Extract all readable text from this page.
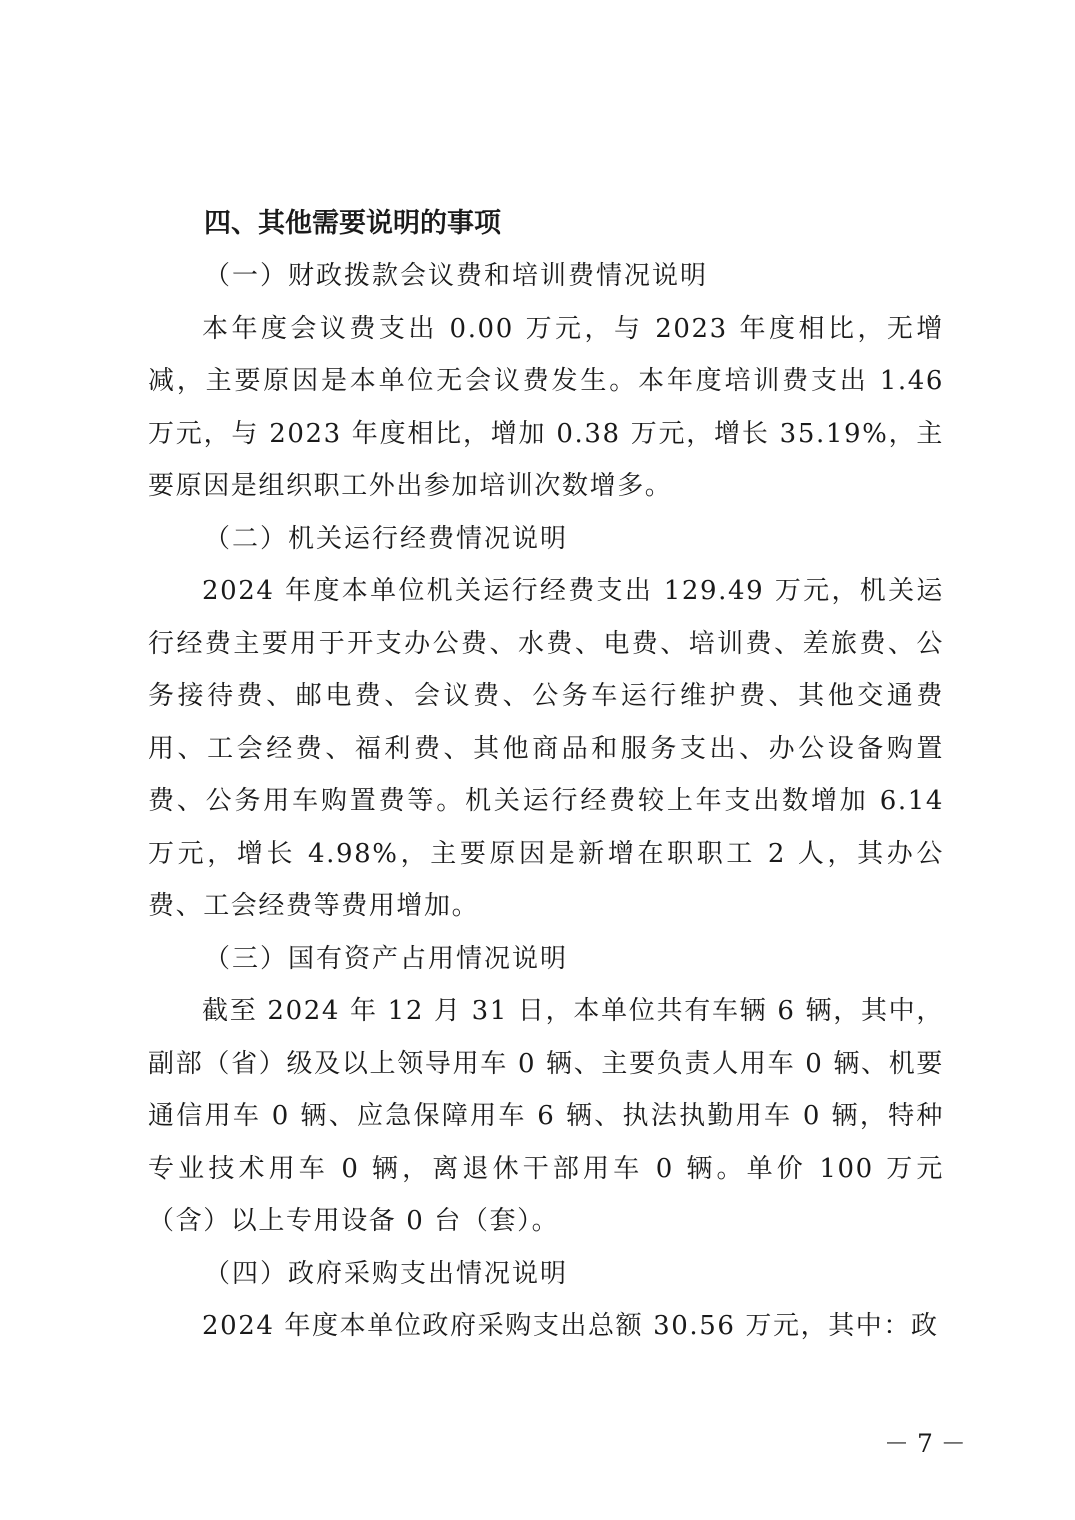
四、其他需要说明的事项
（一）财政拨款会议费和培训费情况说明

本年度会议费支出 0.00 万元，与 2023 年度相比，无增减，主要原因是本单位无会议费发生。本年度培训费支出 1.46 万元，与 2023 年度相比，增加 0.38 万元，增长 35.19%，主要原因是组织职工外出参加培训次数增多。

（二）机关运行经费情况说明

2024 年度本单位机关运行经费支出 129.49 万元，机关运行经费主要用于开支办公费、水费、电费、培训费、差旅费、公务接待费、邮电费、会议费、公务车运行维护费、其他交通费用、工会经费、福利费、其他商品和服务支出、办公设备购置费、公务用车购置费等。机关运行经费较上年支出数增加 6.14 万元，增长 4.98%，主要原因是新增在职职工 2 人，其办公费、工会经费等费用增加。

（三）国有资产占用情况说明

截至 2024 年 12 月 31 日，本单位共有车辆 6 辆，其中，副部（省）级及以上领导用车 0 辆、主要负责人用车 0 辆、机要通信用车 0 辆、应急保障用车 6 辆、执法执勤用车 0 辆，特种专业技术用车 0 辆，离退休干部用车 0 辆。单价 100 万元（含）以上专用设备 0 台（套）。

（四）政府采购支出情况说明

2024 年度本单位政府采购支出总额 30.56 万元，其中：政

－ 7 －
